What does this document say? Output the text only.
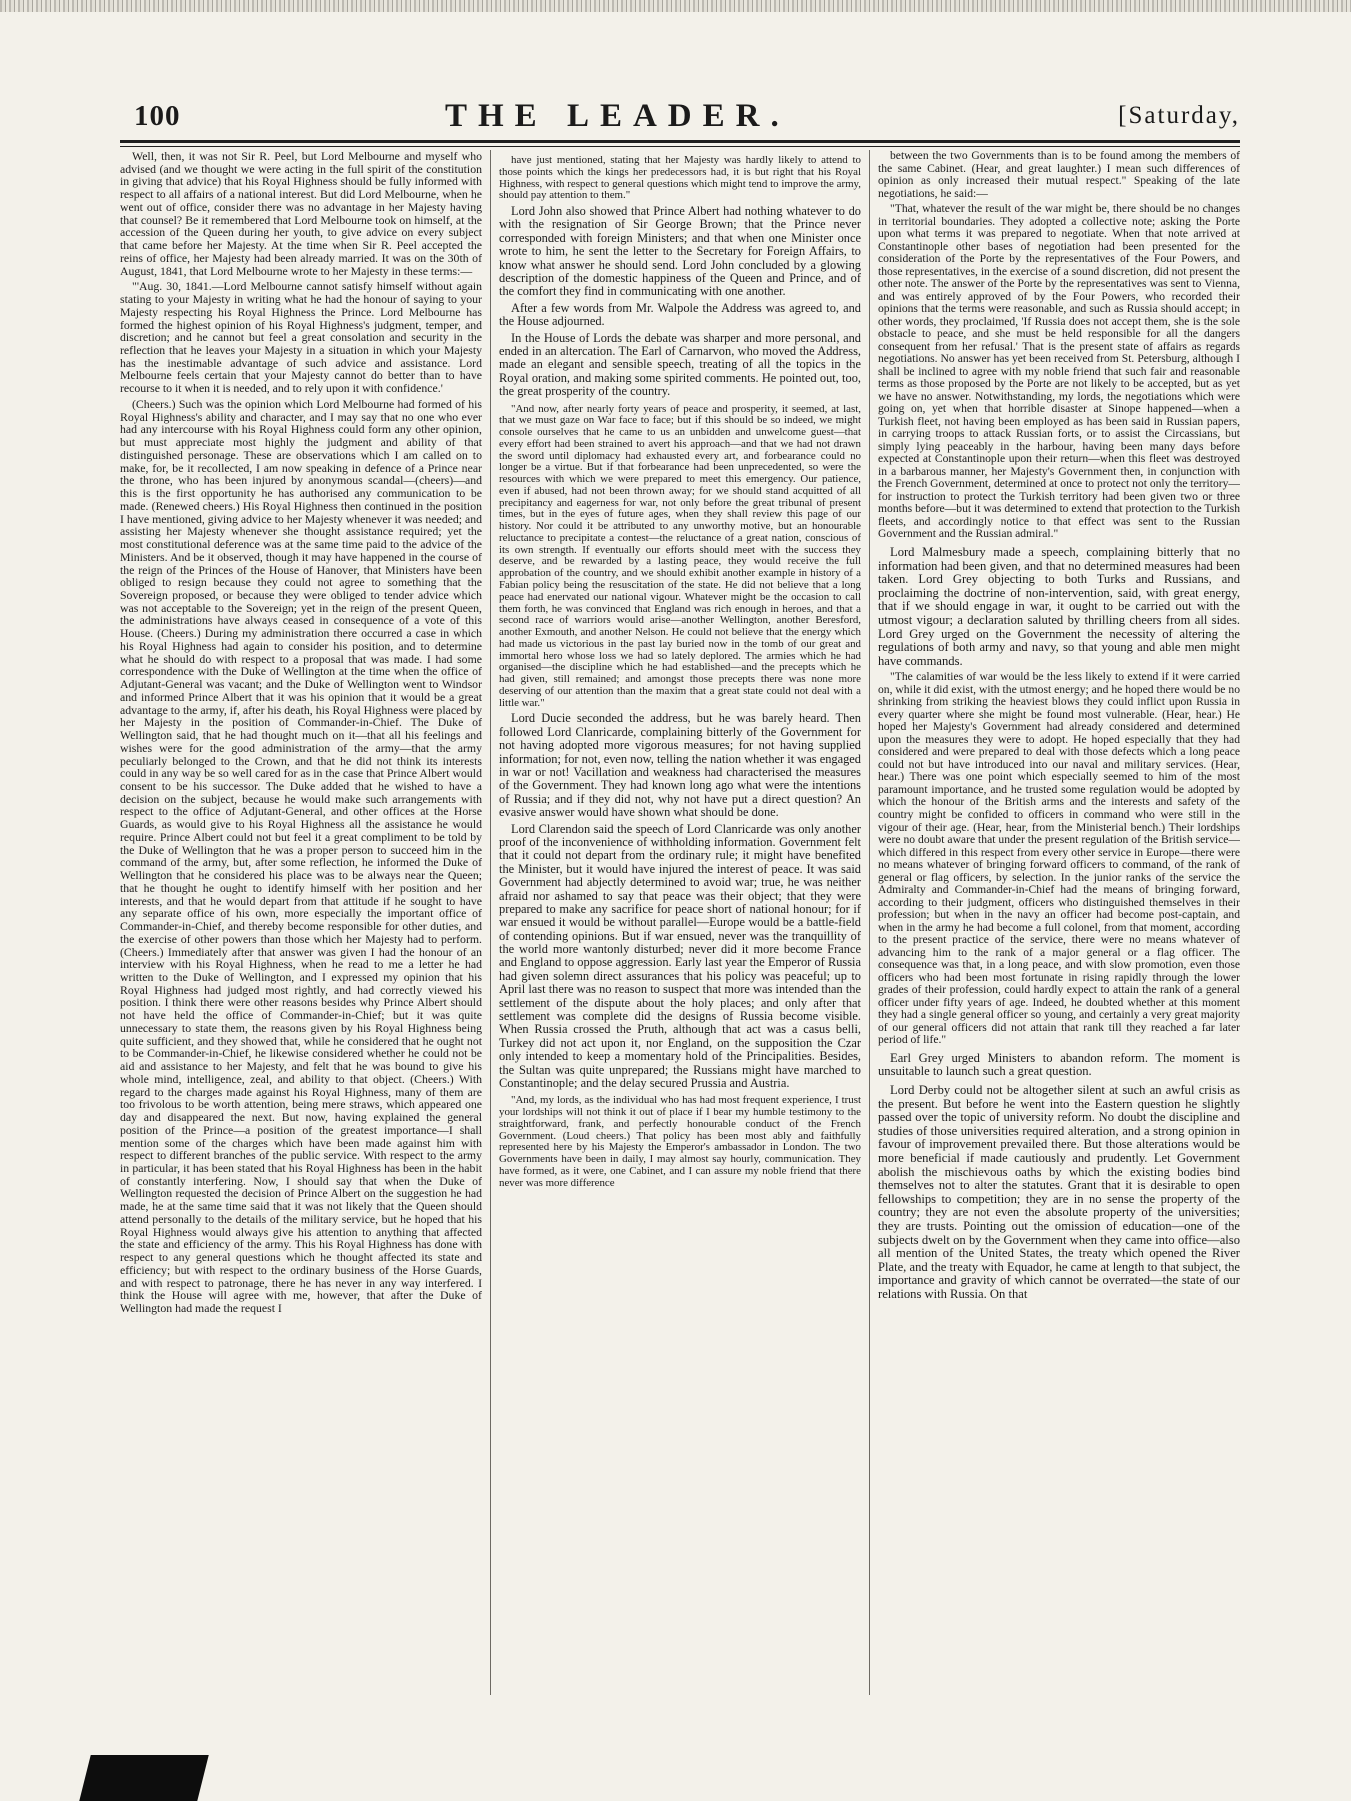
100	THE LEADER.	[Saturday,

Well, then, it was not Sir R. Peel, but Lord Melbourne and myself who advised (and we thought we were acting in the full spirit of the constitution in giving that advice) that his Royal Highness should be fully informed with respect to all affairs of a national interest. But did Lord Melbourne, when he went out of office, consider there was no advantage in her Majesty having that counsel? Be it remembered that Lord Melbourne took on himself, at the accession of the Queen during her youth, to give advice on every subject that came before her Majesty. At the time when Sir R. Peel accepted the reins of office, her Majesty had been already married. It was on the 30th of August, 1841, that Lord Melbourne wrote to her Majesty in these terms:—

"'Aug. 30, 1841.—Lord Melbourne cannot satisfy himself without again stating to your Majesty in writing what he had the honour of saying to your Majesty respecting his Royal Highness the Prince. Lord Melbourne has formed the highest opinion of his Royal Highness's judgment, temper, and discretion; and he cannot but feel a great consolation and security in the reflection that he leaves your Majesty in a situation in which your Majesty has the inestimable advantage of such advice and assistance. Lord Melbourne feels certain that your Majesty cannot do better than to have recourse to it when it is needed, and to rely upon it with confidence.'

(Cheers.) Such was the opinion which Lord Melbourne had formed of his Royal Highness's ability and character, and I may say that no one who ever had any intercourse with his Royal Highness could form any other opinion, but must appreciate most highly the judgment and ability of that distinguished personage. These are observations which I am called on to make, for, be it recollected, I am now speaking in defence of a Prince near the throne, who has been injured by anonymous scandal—(cheers)—and this is the first opportunity he has authorised any communication to be made. (Renewed cheers.) His Royal Highness then continued in the position I have mentioned, giving advice to her Majesty whenever it was needed; and assisting her Majesty whenever she thought assistance required; yet the most constitutional deference was at the same time paid to the advice of the Ministers. And be it observed, though it may have happened in the course of the reign of the Princes of the House of Hanover, that Ministers have been obliged to resign because they could not agree to something that the Sovereign proposed, or because they were obliged to tender advice which was not acceptable to the Sovereign; yet in the reign of the present Queen, the administrations have always ceased in consequence of a vote of this House. (Cheers.) During my administration there occurred a case in which his Royal Highness had again to consider his position, and to determine what he should do with respect to a proposal that was made. I had some correspondence with the Duke of Wellington at the time when the office of Adjutant-General was vacant; and the Duke of Wellington went to Windsor and informed Prince Albert that it was his opinion that it would be a great advantage to the army, if, after his death, his Royal Highness were placed by her Majesty in the position of Commander-in-Chief. The Duke of Wellington said, that he had thought much on it—that all his feelings and wishes were for the good administration of the army—that the army peculiarly belonged to the Crown, and that he did not think its interests could in any way be so well cared for as in the case that Prince Albert would consent to be his successor. The Duke added that he wished to have a decision on the subject, because he would make such arrangements with respect to the office of Adjutant-General, and other offices at the Horse Guards, as would give to his Royal Highness all the assistance he would require. Prince Albert could not but feel it a great compliment to be told by the Duke of Wellington that he was a proper person to succeed him in the command of the army, but, after some reflection, he informed the Duke of Wellington that he considered his place was to be always near the Queen; that he thought he ought to identify himself with her position and her interests, and that he would depart from that attitude if he sought to have any separate office of his own, more especially the important office of Commander-in-Chief, and thereby become responsible for other duties, and the exercise of other powers than those which her Majesty had to perform. (Cheers.) Immediately after that answer was given I had the honour of an interview with his Royal Highness, when he read to me a letter he had written to the Duke of Wellington, and I expressed my opinion that his Royal Highness had judged most rightly, and had correctly viewed his position. I think there were other reasons besides why Prince Albert should not have held the office of Commander-in-Chief; but it was quite unnecessary to state them, the reasons given by his Royal Highness being quite sufficient, and they showed that, while he considered that he ought not to be Commander-in-Chief, he likewise considered whether he could not be aid and assistance to her Majesty, and felt that he was bound to give his whole mind, intelligence, zeal, and ability to that object. (Cheers.) With regard to the charges made against his Royal Highness, many of them are too frivolous to be worth attention, being mere straws, which appeared one day and disappeared the next. But now, having explained the general position of the Prince—a position of the greatest importance—I shall mention some of the charges which have been made against him with respect to different branches of the public service. With respect to the army in particular, it has been stated that his Royal Highness has been in the habit of constantly interfering. Now, I should say that when the Duke of Wellington requested the decision of Prince Albert on the suggestion he had made, he at the same time said that it was not likely that the Queen should attend personally to the details of the military service, but he hoped that his Royal Highness would always give his attention to anything that affected the state and efficiency of the army. This his Royal Highness has done with respect to any general questions which he thought affected its state and efficiency; but with respect to the ordinary business of the Horse Guards, and with respect to patronage, there he has never in any way interfered. I think the House will agree with me, however, that after the Duke of Wellington had made the request I

have just mentioned, stating that her Majesty was hardly likely to attend to those points which the kings her predecessors had, it is but right that his Royal Highness, with respect to general questions which might tend to improve the army, should pay attention to them."

Lord John also showed that Prince Albert had nothing whatever to do with the resignation of Sir George Brown; that the Prince never corresponded with foreign Ministers; and that when one Minister once wrote to him, he sent the letter to the Secretary for Foreign Affairs, to know what answer he should send. Lord John concluded by a glowing description of the domestic happiness of the Queen and Prince, and of the comfort they find in communicating with one another.

After a few words from Mr. Walpole the Address was agreed to, and the House adjourned.

In the House of Lords the debate was sharper and more personal, and ended in an altercation. The Earl of Carnarvon, who moved the Address, made an elegant and sensible speech, treating of all the topics in the Royal oration, and making some spirited comments. He pointed out, too, the great prosperity of the country.

"And now, after nearly forty years of peace and prosperity, it seemed, at last, that we must gaze on War face to face; but if this should be so indeed, we might console ourselves that he came to us an unbidden and unwelcome guest—that every effort had been strained to avert his approach—and that we had not drawn the sword until diplomacy had exhausted every art, and forbearance could no longer be a virtue. But if that forbearance had been unprecedented, so were the resources with which we were prepared to meet this emergency. Our patience, even if abused, had not been thrown away; for we should stand acquitted of all precipitancy and eagerness for war, not only before the great tribunal of present times, but in the eyes of future ages, when they shall review this page of our history. Nor could it be attributed to any unworthy motive, but an honourable reluctance to precipitate a contest—the reluctance of a great nation, conscious of its own strength. If eventually our efforts should meet with the success they deserve, and be rewarded by a lasting peace, they would receive the full approbation of the country, and we should exhibit another example in history of a Fabian policy being the resuscitation of the state. He did not believe that a long peace had enervated our national vigour. Whatever might be the occasion to call them forth, he was convinced that England was rich enough in heroes, and that a second race of warriors would arise—another Wellington, another Beresford, another Exmouth, and another Nelson. He could not believe that the energy which had made us victorious in the past lay buried now in the tomb of our great and immortal hero whose loss we had so lately deplored. The armies which he had organised—the discipline which he had established—and the precepts which he had given, still remained; and amongst those precepts there was none more deserving of our attention than the maxim that a great state could not deal with a little war."

Lord Ducie seconded the address, but he was barely heard. Then followed Lord Clanricarde, complaining bitterly of the Government for not having adopted more vigorous measures; for not having supplied information; for not, even now, telling the nation whether it was engaged in war or not! Vacillation and weakness had characterised the measures of the Government. They had known long ago what were the intentions of Russia; and if they did not, why not have put a direct question? An evasive answer would have shown what should be done.

Lord Clarendon said the speech of Lord Clanricarde was only another proof of the inconvenience of withholding information. Government felt that it could not depart from the ordinary rule; it might have benefited the Minister, but it would have injured the interest of peace. It was said Government had abjectly determined to avoid war; true, he was neither afraid nor ashamed to say that peace was their object; that they were prepared to make any sacrifice for peace short of national honour; for if war ensued it would be without parallel—Europe would be a battle-field of contending opinions. But if war ensued, never was the tranquillity of the world more wantonly disturbed; never did it more become France and England to oppose aggression. Early last year the Emperor of Russia had given solemn direct assurances that his policy was peaceful; up to April last there was no reason to suspect that more was intended than the settlement of the dispute about the holy places; and only after that settlement was complete did the designs of Russia become visible. When Russia crossed the Pruth, although that act was a casus belli, Turkey did not act upon it, nor England, on the supposition the Czar only intended to keep a momentary hold of the Principalities. Besides, the Sultan was quite unprepared; the Russians might have marched to Constantinople; and the delay secured Prussia and Austria.

"And, my lords, as the individual who has had most frequent experience, I trust your lordships will not think it out of place if I bear my humble testimony to the straightforward, frank, and perfectly honourable conduct of the French Government. (Loud cheers.) That policy has been most ably and faithfully represented here by his Majesty the Emperor's ambassador in London. The two Governments have been in daily, I may almost say hourly, communication. They have formed, as it were, one Cabinet, and I can assure my noble friend that there never was more difference

between the two Governments than is to be found among the members of the same Cabinet. (Hear, and great laughter.) I mean such differences of opinion as only increased their mutual respect." Speaking of the late negotiations, he said:—

"That, whatever the result of the war might be, there should be no changes in territorial boundaries. They adopted a collective note; asking the Porte upon what terms it was prepared to negotiate. When that note arrived at Constantinople other bases of negotiation had been presented for the consideration of the Porte by the representatives of the Four Powers, and those representatives, in the exercise of a sound discretion, did not present the other note. The answer of the Porte by the representatives was sent to Vienna, and was entirely approved of by the Four Powers, who recorded their opinions that the terms were reasonable, and such as Russia should accept; in other words, they proclaimed, 'If Russia does not accept them, she is the sole obstacle to peace, and she must be held responsible for all the dangers consequent from her refusal.' That is the present state of affairs as regards negotiations. No answer has yet been received from St. Petersburg, although I shall be inclined to agree with my noble friend that such fair and reasonable terms as those proposed by the Porte are not likely to be accepted, but as yet we have no answer. Notwithstanding, my lords, the negotiations which were going on, yet when that horrible disaster at Sinope happened—when a Turkish fleet, not having been employed as has been said in Russian papers, in carrying troops to attack Russian forts, or to assist the Circassians, but simply lying peaceably in the harbour, having been many days before expected at Constantinople upon their return—when this fleet was destroyed in a barbarous manner, her Majesty's Government then, in conjunction with the French Government, determined at once to protect not only the territory—for instruction to protect the Turkish territory had been given two or three months before—but it was determined to extend that protection to the Turkish fleets, and accordingly notice to that effect was sent to the Russian Government and the Russian admiral."

Lord Malmesbury made a speech, complaining bitterly that no information had been given, and that no determined measures had been taken. Lord Grey objecting to both Turks and Russians, and proclaiming the doctrine of non-intervention, said, with great energy, that if we should engage in war, it ought to be carried out with the utmost vigour; a declaration saluted by thrilling cheers from all sides. Lord Grey urged on the Government the necessity of altering the regulations of both army and navy, so that young and able men might have commands.

"The calamities of war would be the less likely to extend if it were carried on, while it did exist, with the utmost energy; and he hoped there would be no shrinking from striking the heaviest blows they could inflict upon Russia in every quarter where she might be found most vulnerable. (Hear, hear.) He hoped her Majesty's Government had already considered and determined upon the measures they were to adopt. He hoped especially that they had considered and were prepared to deal with those defects which a long peace could not but have introduced into our naval and military services. (Hear, hear.) There was one point which especially seemed to him of the most paramount importance, and he trusted some regulation would be adopted by which the honour of the British arms and the interests and safety of the country might be confided to officers in command who were still in the vigour of their age. (Hear, hear, from the Ministerial bench.) Their lordships were no doubt aware that under the present regulation of the British service—which differed in this respect from every other service in Europe—there were no means whatever of bringing forward officers to command, of the rank of general or flag officers, by selection. In the junior ranks of the service the Admiralty and Commander-in-Chief had the means of bringing forward, according to their judgment, officers who distinguished themselves in their profession; but when in the navy an officer had become post-captain, and when in the army he had become a full colonel, from that moment, according to the present practice of the service, there were no means whatever of advancing him to the rank of a major general or a flag officer. The consequence was that, in a long peace, and with slow promotion, even those officers who had been most fortunate in rising rapidly through the lower grades of their profession, could hardly expect to attain the rank of a general officer under fifty years of age. Indeed, he doubted whether at this moment they had a single general officer so young, and certainly a very great majority of our general officers did not attain that rank till they reached a far later period of life."

Earl Grey urged Ministers to abandon reform. The moment is unsuitable to launch such a great question.

Lord Derby could not be altogether silent at such an awful crisis as the present. But before he went into the Eastern question he slightly passed over the topic of university reform. No doubt the discipline and studies of those universities required alteration, and a strong opinion in favour of improvement prevailed there. But those alterations would be more beneficial if made cautiously and prudently. Let Government abolish the mischievous oaths by which the existing bodies bind themselves not to alter the statutes. Grant that it is desirable to open fellowships to competition; they are in no sense the property of the country; they are not even the absolute property of the universities; they are trusts. Pointing out the omission of education—one of the subjects dwelt on by the Government when they came into office—also all mention of the United States, the treaty which opened the River Plate, and the treaty with Equador, he came at length to that subject, the importance and gravity of which cannot be overrated—the state of our relations with Russia. On that
